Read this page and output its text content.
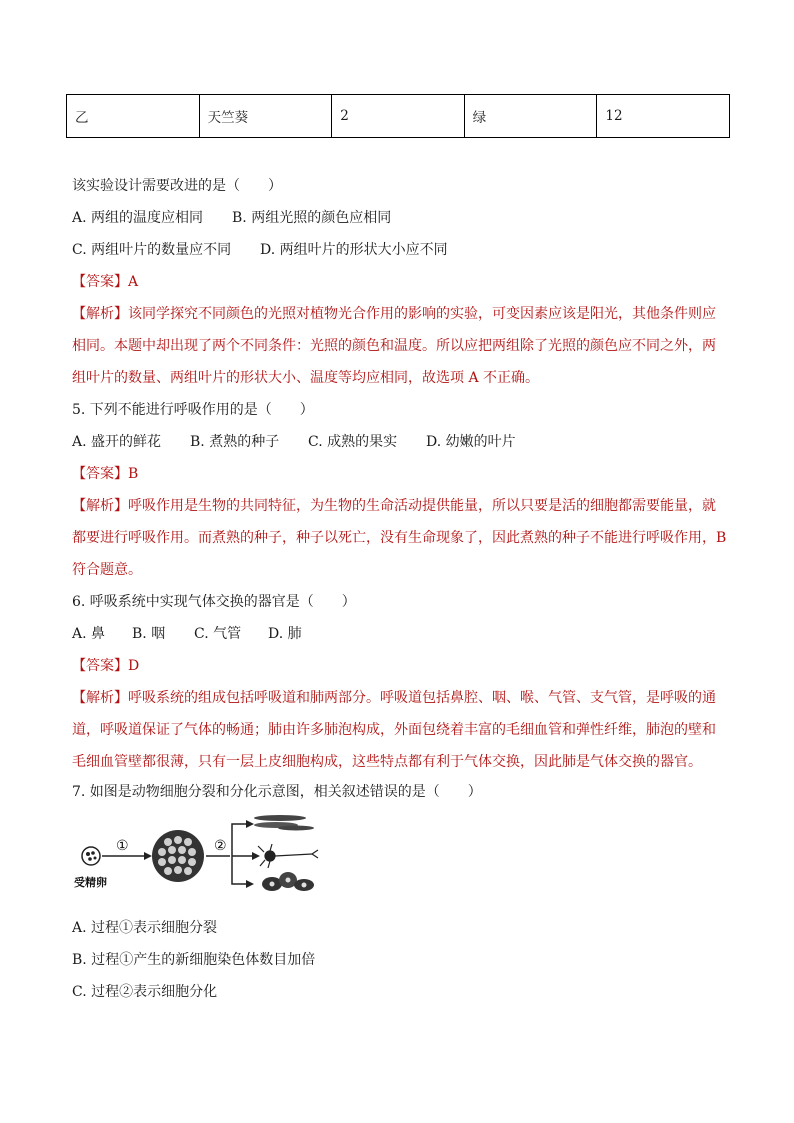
乙	天竺葵	2	绿	12
该实验设计需要改进的是（　　）
A. 两组的温度应相同 B. 两组光照的颜色应相同
C. 两组叶片的数量应不同 D. 两组叶片的形状大小应不同
【答案】A
【解析】该同学探究不同颜色的光照对植物光合作用的影响的实验，可变因素应该是阳光，其他条件则应
相同。本题中却出现了两个不同条件：光照的颜色和温度。所以应把两组除了光照的颜色应不同之外，两
组叶片的数量、两组叶片的形状大小、温度等均应相同，故选项 A 不正确。
5. 下列不能进行呼吸作用的是（　　）
A. 盛开的鲜花 B. 煮熟的种子 C. 成熟的果实 D. 幼嫩的叶片
【答案】B
【解析】呼吸作用是生物的共同特征，为生物的生命活动提供能量，所以只要是活的细胞都需要能量，就
都要进行呼吸作用。而煮熟的种子，种子以死亡，没有生命现象了，因此煮熟的种子不能进行呼吸作用，B
符合题意。
6. 呼吸系统中实现气体交换的器官是（　　）
A. 鼻 B. 咽 C. 气管 D. 肺
【答案】D
【解析】呼吸系统的组成包括呼吸道和肺两部分。呼吸道包括鼻腔、咽、喉、气管、支气管，是呼吸的通
道，呼吸道保证了气体的畅通；肺由许多肺泡构成，外面包绕着丰富的毛细血管和弹性纤维，肺泡的壁和
毛细血管壁都很薄，只有一层上皮细胞构成，这些特点都有利于气体交换，因此肺是气体交换的器官。
7. 如图是动物细胞分裂和分化示意图，相关叙述错误的是（　　）
受精卵
①	②
A. 过程①表示细胞分裂
B. 过程①产生的新细胞染色体数目加倍
C. 过程②表示细胞分化
